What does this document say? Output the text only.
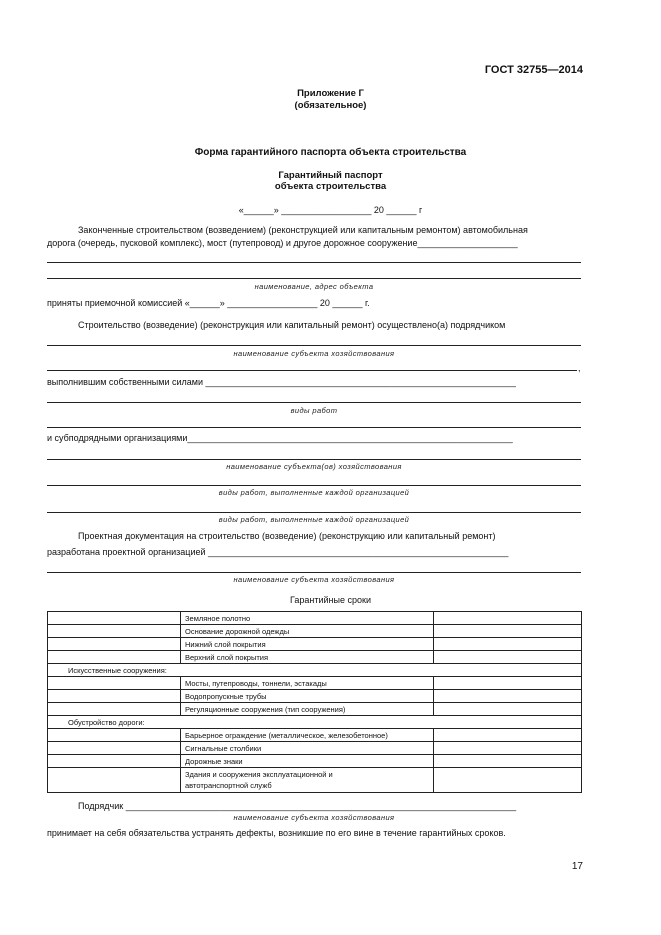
ГОСТ 32755—2014
Приложение Г
(обязательное)
Форма гарантийного паспорта объекта строительства
Гарантийный паспорт
объекта строительства
«______» __________________ 20 ______ г
Законченные строительством (возведением) (реконструкцией или капитальным ремонтом) автомобильная
дорога (очередь, пусковой комплекс), мост (путепровод) и другое дорожное сооружение____________________
наименование, адрес объекта
приняты приемочной комиссией «______» __________________ 20 ______ г.
Строительство (возведение) (реконструкция или капитальный ремонт) осуществлено(а) подрядчиком
наименование субъекта хозяйствования
,
выполнившим собственными силами ______________________________________________________________
виды работ
и субподрядными организациями_________________________________________________________________
наименование субъекта(ов) хозяйствования
виды работ, выполненные каждой организацией
виды работ, выполненные каждой организацией
Проектная документация на строительство (возведение) (реконструкцию или капитальный ремонт)
разработана проектной организацией ____________________________________________________________
наименование субъекта хозяйствования
Гарантийные сроки
	Земляное полотно	
	Основание дорожной одежды	
	Нижний слой покрытия	
	Верхний слой покрытия	
Искусственные сооружения:		
	Мосты, путепроводы, тоннели, эстакады	
	Водопропускные трубы	
	Регуляционные сооружения (тип сооружения)	
Обустройство дороги:		
	Барьерное ограждение (металлическое, железобетонное)	
	Сигнальные столбики	
	Дорожные знаки	
	Здания и сооружения эксплуатационной и
автотранспортной служб	
Подрядчик ______________________________________________________________________________
наименование субъекта хозяйствования
принимает на себя обязательства устранять дефекты, возникшие по его вине в течение гарантийных сроков.
17
